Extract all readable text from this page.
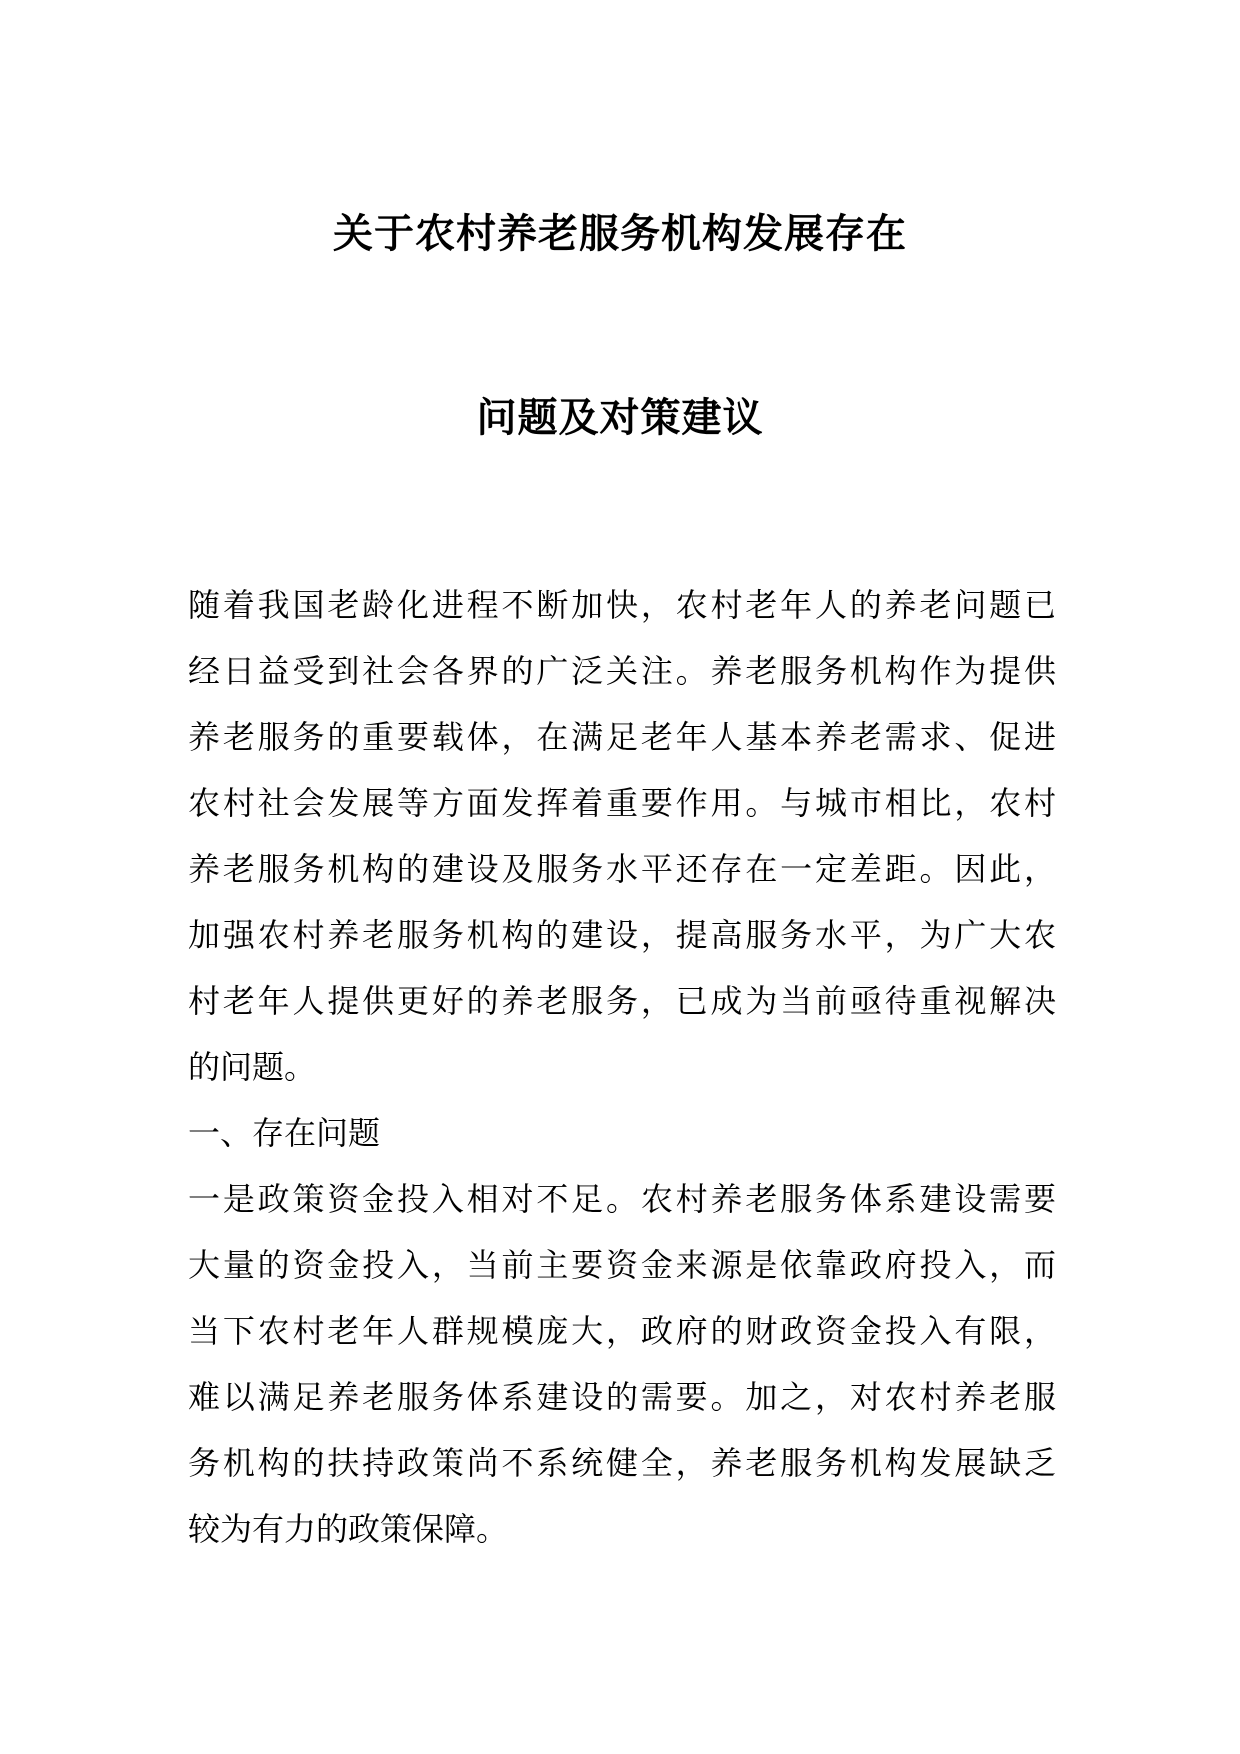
关于农村养老服务机构发展存在
问题及对策建议
随着我国老龄化进程不断加快，农村老年人的养老问题已
经日益受到社会各界的广泛关注。养老服务机构作为提供
养老服务的重要载体，在满足老年人基本养老需求、促进
农村社会发展等方面发挥着重要作用。与城市相比，农村
养老服务机构的建设及服务水平还存在一定差距。因此，
加强农村养老服务机构的建设，提高服务水平，为广大农
村老年人提供更好的养老服务，已成为当前亟待重视解决
的问题。
一、存在问题
一是政策资金投入相对不足。农村养老服务体系建设需要
大量的资金投入，当前主要资金来源是依靠政府投入，而
当下农村老年人群规模庞大，政府的财政资金投入有限，
难以满足养老服务体系建设的需要。加之，对农村养老服
务机构的扶持政策尚不系统健全，养老服务机构发展缺乏
较为有力的政策保障。
